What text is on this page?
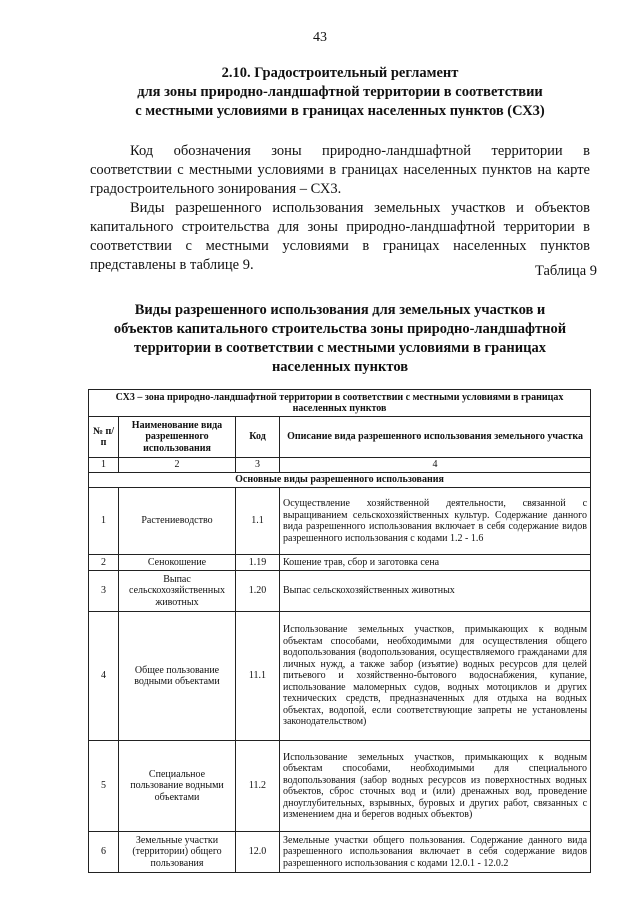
43
2.10. Градостроительный регламент
для зоны природно-ландшафтной территории в соответствии
с местными условиями в границах населенных пунктов (СХ3)
Код обозначения зоны природно-ландшафтной территории в соответствии с местными условиями в границах населенных пунктов на карте градостроительного зонирования – СХ3.
Виды разрешенного использования земельных участков и объектов капитального строительства для зоны природно-ландшафтной территории в соответствии с местными условиями в границах населенных пунктов представлены в таблице 9.	Таблица 9
Виды разрешенного использования для земельных участков и
объектов капитального строительства зоны природно-ландшафтной
территории в соответствии с местными условиями в границах
населенных пунктов
СХ3 – зона природно-ландшафтной территории в соответствии с местными условиями в границах населенных пунктов			
№ п/п	Наименование вида разрешенного использования	Код	Описание вида разрешенного использования земельного участка
1	2	3	4
Основные виды разрешенного использования			
1	Растениеводство	1.1	Осуществление хозяйственной деятельности, связанной с выращиванием сельскохозяйственных культур. Содержание данного вида разрешенного использования включает в себя содержание видов разрешенного использования с кодами 1.2 - 1.6
2	Сенокошение	1.19	Кошение трав, сбор и заготовка сена
3	Выпас сельскохозяйственных животных	1.20	Выпас сельскохозяйственных животных
4	Общее пользование водными объектами	11.1	Использование земельных участков, примыкающих к водным объектам способами, необходимыми для осуществления общего водопользования (водопользования, осуществляемого гражданами для личных нужд, а также забор (изъятие) водных ресурсов для целей питьевого и хозяйственно-бытового водоснабжения, купание, использование маломерных судов, водных мотоциклов и других технических средств, предназначенных для отдыха на водных объектах, водопой, если соответствующие запреты не установлены законодательством)
5	Специальное пользование водными объектами	11.2	Использование земельных участков, примыкающих к водным объектам способами, необходимыми для специального водопользования (забор водных ресурсов из поверхностных водных объектов, сброс сточных вод и (или) дренажных вод, проведение дноуглубительных, взрывных, буровых и других работ, связанных с изменением дна и берегов водных объектов)
6	Земельные участки (территории) общего пользования	12.0	Земельные участки общего пользования. Содержание данного вида разрешенного использования включает в себя содержание видов разрешенного использования с кодами 12.0.1 - 12.0.2
